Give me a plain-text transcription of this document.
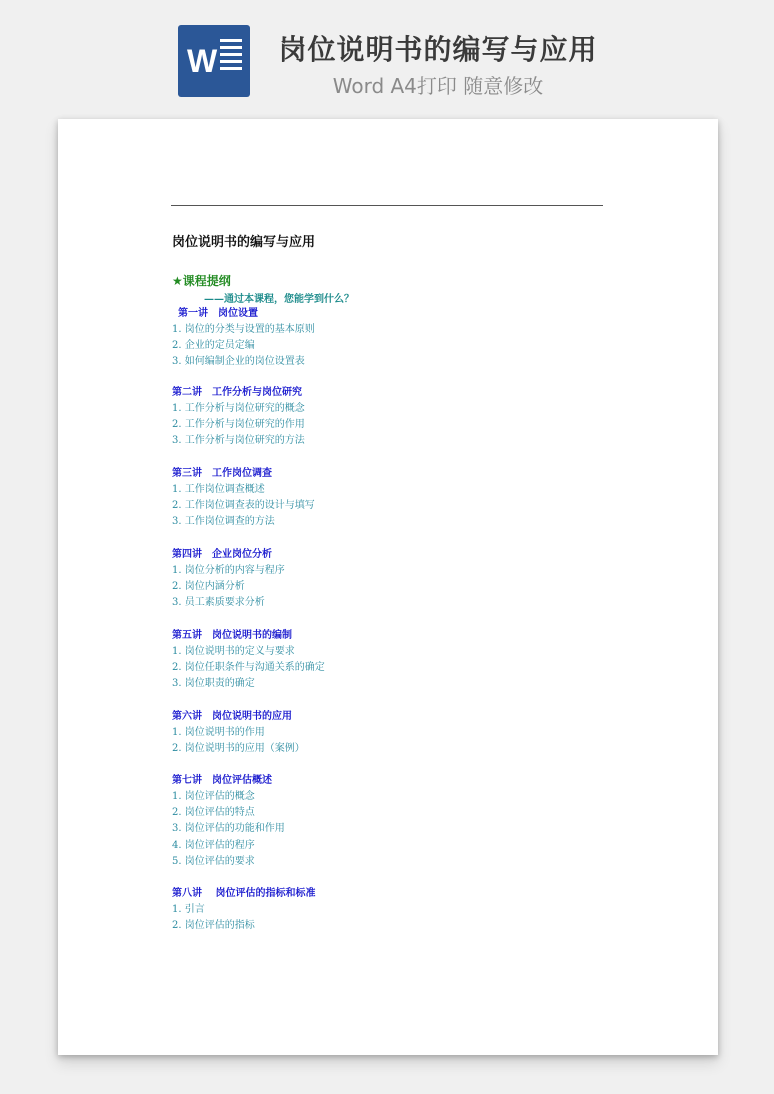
W	岗位说明书的编写与应用
Word A4打印 随意修改
岗位说明书的编写与应用
★课程提纲
——通过本课程，您能学到什么？
第一讲　岗位设置
1. 岗位的分类与设置的基本原则
2. 企业的定员定编
3. 如何编制企业的岗位设置表
第二讲　工作分析与岗位研究
1. 工作分析与岗位研究的概念
2. 工作分析与岗位研究的作用
3. 工作分析与岗位研究的方法
第三讲　工作岗位调查
1. 工作岗位调查概述
2. 工作岗位调查表的设计与填写
3. 工作岗位调查的方法
第四讲　企业岗位分析
1. 岗位分析的内容与程序
2. 岗位内涵分析
3. 员工素质要求分析
第五讲　岗位说明书的编制
1. 岗位说明书的定义与要求
2. 岗位任职条件与沟通关系的确定
3. 岗位职责的确定
第六讲　岗位说明书的应用
1. 岗位说明书的作用
2. 岗位说明书的应用（案例）
第七讲　岗位评估概述
1. 岗位评估的概念
2. 岗位评估的特点
3. 岗位评估的功能和作用
4. 岗位评估的程序
5. 岗位评估的要求
第八讲　 岗位评估的指标和标准
1. 引言
2. 岗位评估的指标
